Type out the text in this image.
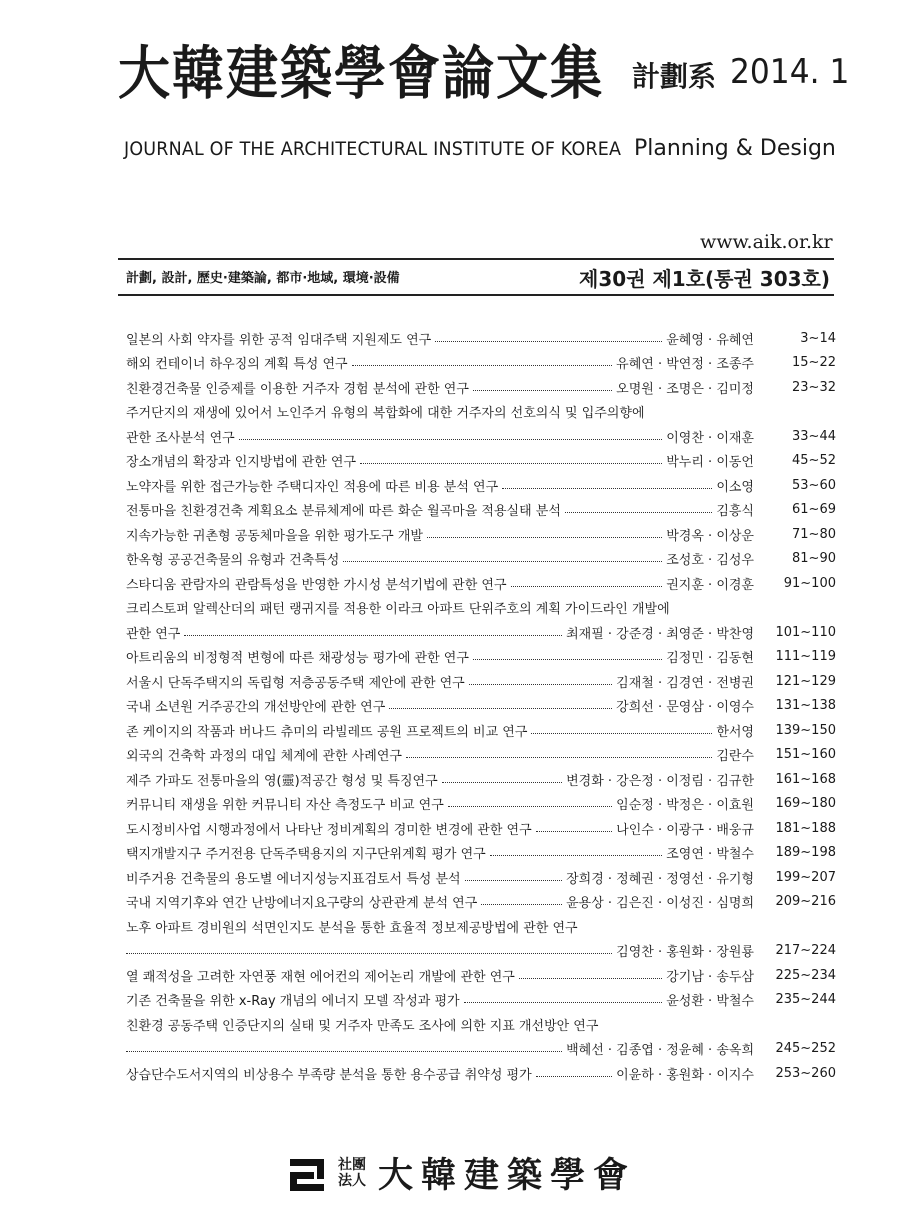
大韓建築學會論文集 計劃系 2014. 1
JOURNAL OF THE ARCHITECTURAL INSTITUTE OF KOREA Planning & Design
www.aik.or.kr
計劃, 設計, 歷史·建築論, 都市·地域, 環境·設備	제30권 제1호(통권 303호)
일본의 사회 약자를 위한 공적 임대주택 지원제도 연구	윤혜영 · 유혜연	3~14
해외 컨테이너 하우징의 계획 특성 연구	유혜연 · 박연정 · 조종주	15~22
친환경건축물 인증제를 이용한 거주자 경험 분석에 관한 연구	오명원 · 조명은 · 김미정	23~32
주거단지의 재생에 있어서 노인주거 유형의 복합화에 대한 거주자의 선호의식 및 입주의향에
관한 조사분석 연구	이영찬 · 이재훈	33~44
장소개념의 확장과 인지방법에 관한 연구	박누리 · 이동언	45~52
노약자를 위한 접근가능한 주택디자인 적용에 따른 비용 분석 연구	이소영	53~60
전통마을 친환경건축 계획요소 분류체계에 따른 화순 월곡마을 적용실태 분석	김흥식	61~69
지속가능한 귀촌형 공동체마을을 위한 평가도구 개발	박경옥 · 이상운	71~80
한옥형 공공건축물의 유형과 건축특성	조성호 · 김성우	81~90
스타디움 관람자의 관람특성을 반영한 가시성 분석기법에 관한 연구	권지훈 · 이경훈	91~100
크리스토퍼 알렉산더의 패턴 랭귀지를 적용한 이라크 아파트 단위주호의 계획 가이드라인 개발에
관한 연구	최재필 · 강준경 · 최영준 · 박찬영	101~110
아트리움의 비정형적 변형에 따른 채광성능 평가에 관한 연구	김정민 · 김동현	111~119
서울시 단독주택지의 독립형 저층공동주택 제안에 관한 연구	김재철 · 김경연 · 전병권	121~129
국내 소년원 거주공간의 개선방안에 관한 연구	강희선 · 문영삼 · 이영수	131~138
존 케이지의 작품과 버나드 츄미의 라빌레뜨 공원 프로젝트의 비교 연구	한서영	139~150
외국의 건축학 과정의 대입 체계에 관한 사례연구	김란수	151~160
제주 가파도 전통마을의 영(靈)적공간 형성 및 특징연구	변경화 · 강은정 · 이정림 · 김규한	161~168
커뮤니티 재생을 위한 커뮤니티 자산 측정도구 비교 연구	임순정 · 박정은 · 이효원	169~180
도시정비사업 시행과정에서 나타난 정비계획의 경미한 변경에 관한 연구	나인수 · 이광구 · 배웅규	181~188
택지개발지구 주거전용 단독주택용지의 지구단위계획 평가 연구	조영연 · 박철수	189~198
비주거용 건축물의 용도별 에너지성능지표검토서 특성 분석	장희경 · 정혜권 · 정영선 · 유기형	199~207
국내 지역기후와 연간 난방에너지요구량의 상관관계 분석 연구	윤용상 · 김은진 · 이성진 · 심명희	209~216
노후 아파트 경비원의 석면인지도 분석을 통한 효율적 정보제공방법에 관한 연구
김영찬 · 홍원화 · 장원룡	217~224
열 쾌적성을 고려한 자연풍 재현 에어컨의 제어논리 개발에 관한 연구	강기남 · 송두삼	225~234
기존 건축물을 위한 x-Ray 개념의 에너지 모델 작성과 평가	윤성환 · 박철수	235~244
친환경 공동주택 인증단지의 실태 및 거주자 만족도 조사에 의한 지표 개선방안 연구
백혜선 · 김종엽 · 정윤혜 · 송옥희	245~252
상습단수도서지역의 비상용수 부족량 분석을 통한 용수공급 취약성 평가	이윤하 · 홍원화 · 이지수	253~260
社團法人 大韓建築學會
